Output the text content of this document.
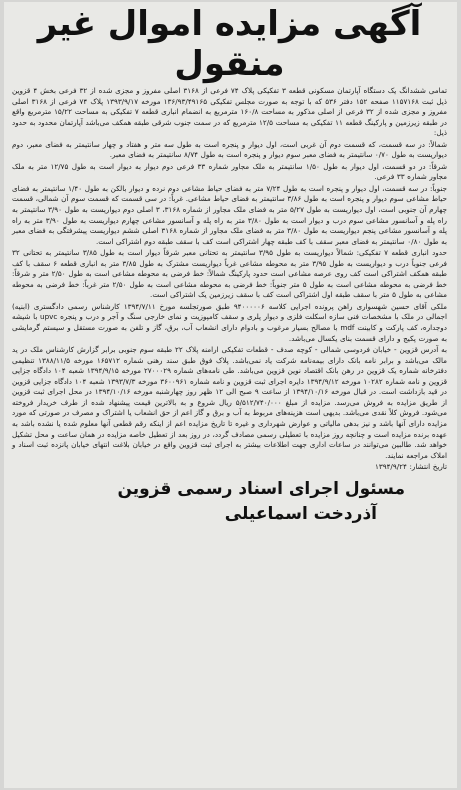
آگهی مزایده اموال غیر منقول

تمامی ششدانگ یک دستگاه آپارتمان مسکونی قطعه ۳ تفکیکی پلاک ۷۴ فرعی از ۳۱۶۸ اصلی مفروز و مجزی شده از ۳۲ فرعی بخش ۴ قزوین ذیل ثبت ۱۱۵۷۱۶۸ صفحه ۱۵۲ دفتر ۵۳۶ که با توجه به صورت مجلس تفکیکی ۱۳۶/۹۳/۴۹۱۶۵ مورخه ۱۳۹۳/۹/۱۷ پلاک ۷۴ فرعی از ۳۱۶۸ اصلی مفروز و مجزی شده از ۳۲ فرعی از اصلی مذکور به مساحت ۱۶۰/۸ مترمربع به انضمام انباری قطعه ۷ تفکیکی به مساحت ۱۵/۲۲ مترمربع واقع در طبقه زیرزمین و پارکینگ قطعه ۱۱ تفکیکی به مساحت ۱۲/۵ مترمربع که در سمت جنوب شرقی طبقه همکف می‌باشد آپارتمان محدود به حدود ذیل:

شمالاً: در سه قسمت، که قسمت دوم آن غربی است، اول دیوار و پنجره است به طول سه متر و هفتاد و چهار سانتیمتر به فضای معبر، دوم دیواریست به طول ۰/۷۰ سانتیمتر به فضای معبر سوم دیوار و پنجره است به طول ۸/۷۴ سانتیمتر به فضای معبر.

شرقاً: در دو قسمت، اول دیوار به طول ۱/۵۰ سانتیمتر به ملک مجاور شماره ۳۳ فرعی دوم دیوار به دیوار است به طول ۱۲/۷۵ متر به ملک مجاور شماره ۳۳ فرعی.

جنوباً: در سه قسمت، اول دیوار و پنجره است به طول ۷/۲۴ متر به فضای حیاط مشاعی دوم نرده و دیوار بالکن به طول ۱/۴۰ سانتیمتر به فضای حیاط مشاعی سوم دیوار و پنجره است به طول ۳/۸۶ سانتیمتر به فضای حیاط مشاعی. غرباً: در سی قسمت که قسمت سوم آن شمالی، قسمت چهارم آن جنوبی است، اول دیواریست به طول ۵/۲۷ متر به فضای ملک مجاور از شماره ۳۱۶۸، ۳ اصلی دوم دیواریست به طول ۳/۹۰ سانتیمتر به راه پله و آسانسور مشاعی سوم درب و دیوار است به طول ۳/۸۰ متر به راه پله و آسانسور مشاعی چهارم دیواریست به طول ۳/۹۰ متر به راه پله و آسانسور مشاعی پنجم دیواریست به طول ۳/۸۰ متر به فضای ملک مجاور از شماره ۳۱۶۸ اصلی ششم دیواریست پیشرفتگی به فضای معبر به طول ۰/۸۰ سانتیمتر به فضای معبر سقف با کف طبقه چهار اشتراکی است کف با سقف طبقه دوم اشتراکی است.

حدود انباری قطعه ۷ تفکیکی: شمالاً دیواریست به طول ۳/۹۵ سانتیمتر به تحتانی معبر شرقاً دیوار است به طول ۳/۸۵ سانتیمتر به تحتانی ۳۲ فرعی جنوباً درب و دیواریست به طول ۳/۹۵ متر به محوطه مشاعی غرباً دیواریست مشترک به طول ۳/۸۵ متر به انباری قطعه ۶ سقف با کف طبقه همکف اشتراکی است کف روی عرصه مشاعی است حدود پارکینگ شمالاً: خط فرضی به محوطه مشاعی است به طول ۲/۵۰ متر و شرقاً: خط فرضی به محوطه مشاعی است به طول ۵ متر جنوباً: خط فرضی به محوطه مشاعی است به طول ۲/۵۰ متر غرباً: خط فرضی به محوطه مشاعی به طول ۵ متر با سقف طبقه اول اشتراکی است کف با سقف زیرزمین یک اشتراکی است.

ملکی آقای حسین شهسواری راهن پرونده اجرایی کلاسه ۹۴۰۰۰۰۰۶ طبق صورتجلسه مورخ ۱۳۹۴/۷/۱۱ کارشناس رسمی دادگستری (ابنیه) اجمالی در ملک با مشخصات فنی سازه اسکلت فلزی و دیوار پلری و سقف کامپوزیت و نمای خارجی سنگ و آجر و درب و پنجره upvc با شیشه دوجداره، کف پارکت و کابینت mdf با مصالح بسیار مرغوب و بادوام دارای انشعاب آب، برق، گاز و تلفن به صورت مستقل و سیستم گرمایشی به صورت پکیج و دارای قسمت بنای یکسال می‌باشد.

به آدرس قزوین - خیابان فردوسی شمالی - کوچه صدف - قطعات تفکیکی ارامنه پلاک ۲۲ طبقه سوم جنوبی برابر گزارش کارشناس ملک در ید مالک می‌باشد و برابر نامه بانک دارای بیمه‌نامه شرکت یاد نمی‌باشد. پلاک فوق طبق سند رهنی شماره ۱۶۵۷۱۲ مورخه ۱۳۸۸/۱۱/۵ تنظیمی دفترخانه شماره یک قزوین در رهن بانک اقتصاد نوین قزوین می‌باشد. طی نامه‌های شماره ۲۷۰۰۰۲۹ مورخه ۱۳۹۴/۹/۱۵ شعبه ۱۰۴ دادگاه جزایی قزوین و نامه شماره ۱۰۲۸۲ مورخه ۱۳۹۴/۹/۱۲ دایره اجرای ثبت قزوین و نامه شماره ۳۶۰۰۹۶۱ مورخه ۱۳۹۳/۷/۳ شعبه ۱۰۴ دادگاه جزایی قزوین در قید بازداشت است. در قبال مورخه ۱۳۹۴/۱۰/۱۶ از ساعت ۹ صبح الی ۱۲ ظهر روز چهارشنبه مورخه ۱۳۹۴/۱۰/۱۶ در محل اجرای ثبت قزوین از طریق مزایده به فروش می‌رسد. مزایده از مبلغ ۵/۵۱۲/۷۴۰/۰۰۰ ریال شروع و به بالاترین قیمت پیشنهاد شده از طرف خریدار فروخته می‌شود. فروش کلاً نقدی می‌باشد. بدیهی است هزینه‌های مربوط به آب و برق و گاز اعم از حق انشعاب یا اشتراک و مصرف در صورتی که مورد مزایده دارای آنها باشد و نیز بدهی مالیاتی و عوارض شهرداری و غیره تا تاریخ مزایده اعم از اینکه رقم قطعی آنها معلوم شده یا نشده باشد به عهده برنده مزایده است و چنانچه روز مزایده با تعطیلی رسمی مصادف گردد، در روز بعد از تعطیل خاصه مزایده در همان ساعت و محل تشکیل خواهد شد. طالبین می‌توانند در ساعات اداری جهت اطلاعات بیشتر به اجرای ثبت قزوین واقع در خیابان بلاغت انتهای خیابان پانزده ثبت اسناد و املاک مراجعه نمایند.

تاریخ انتشار: ۱۳۹۴/۹/۲۴

مسئول اجرای اسناد رسمی قزوین
آذردخت اسماعیلی
